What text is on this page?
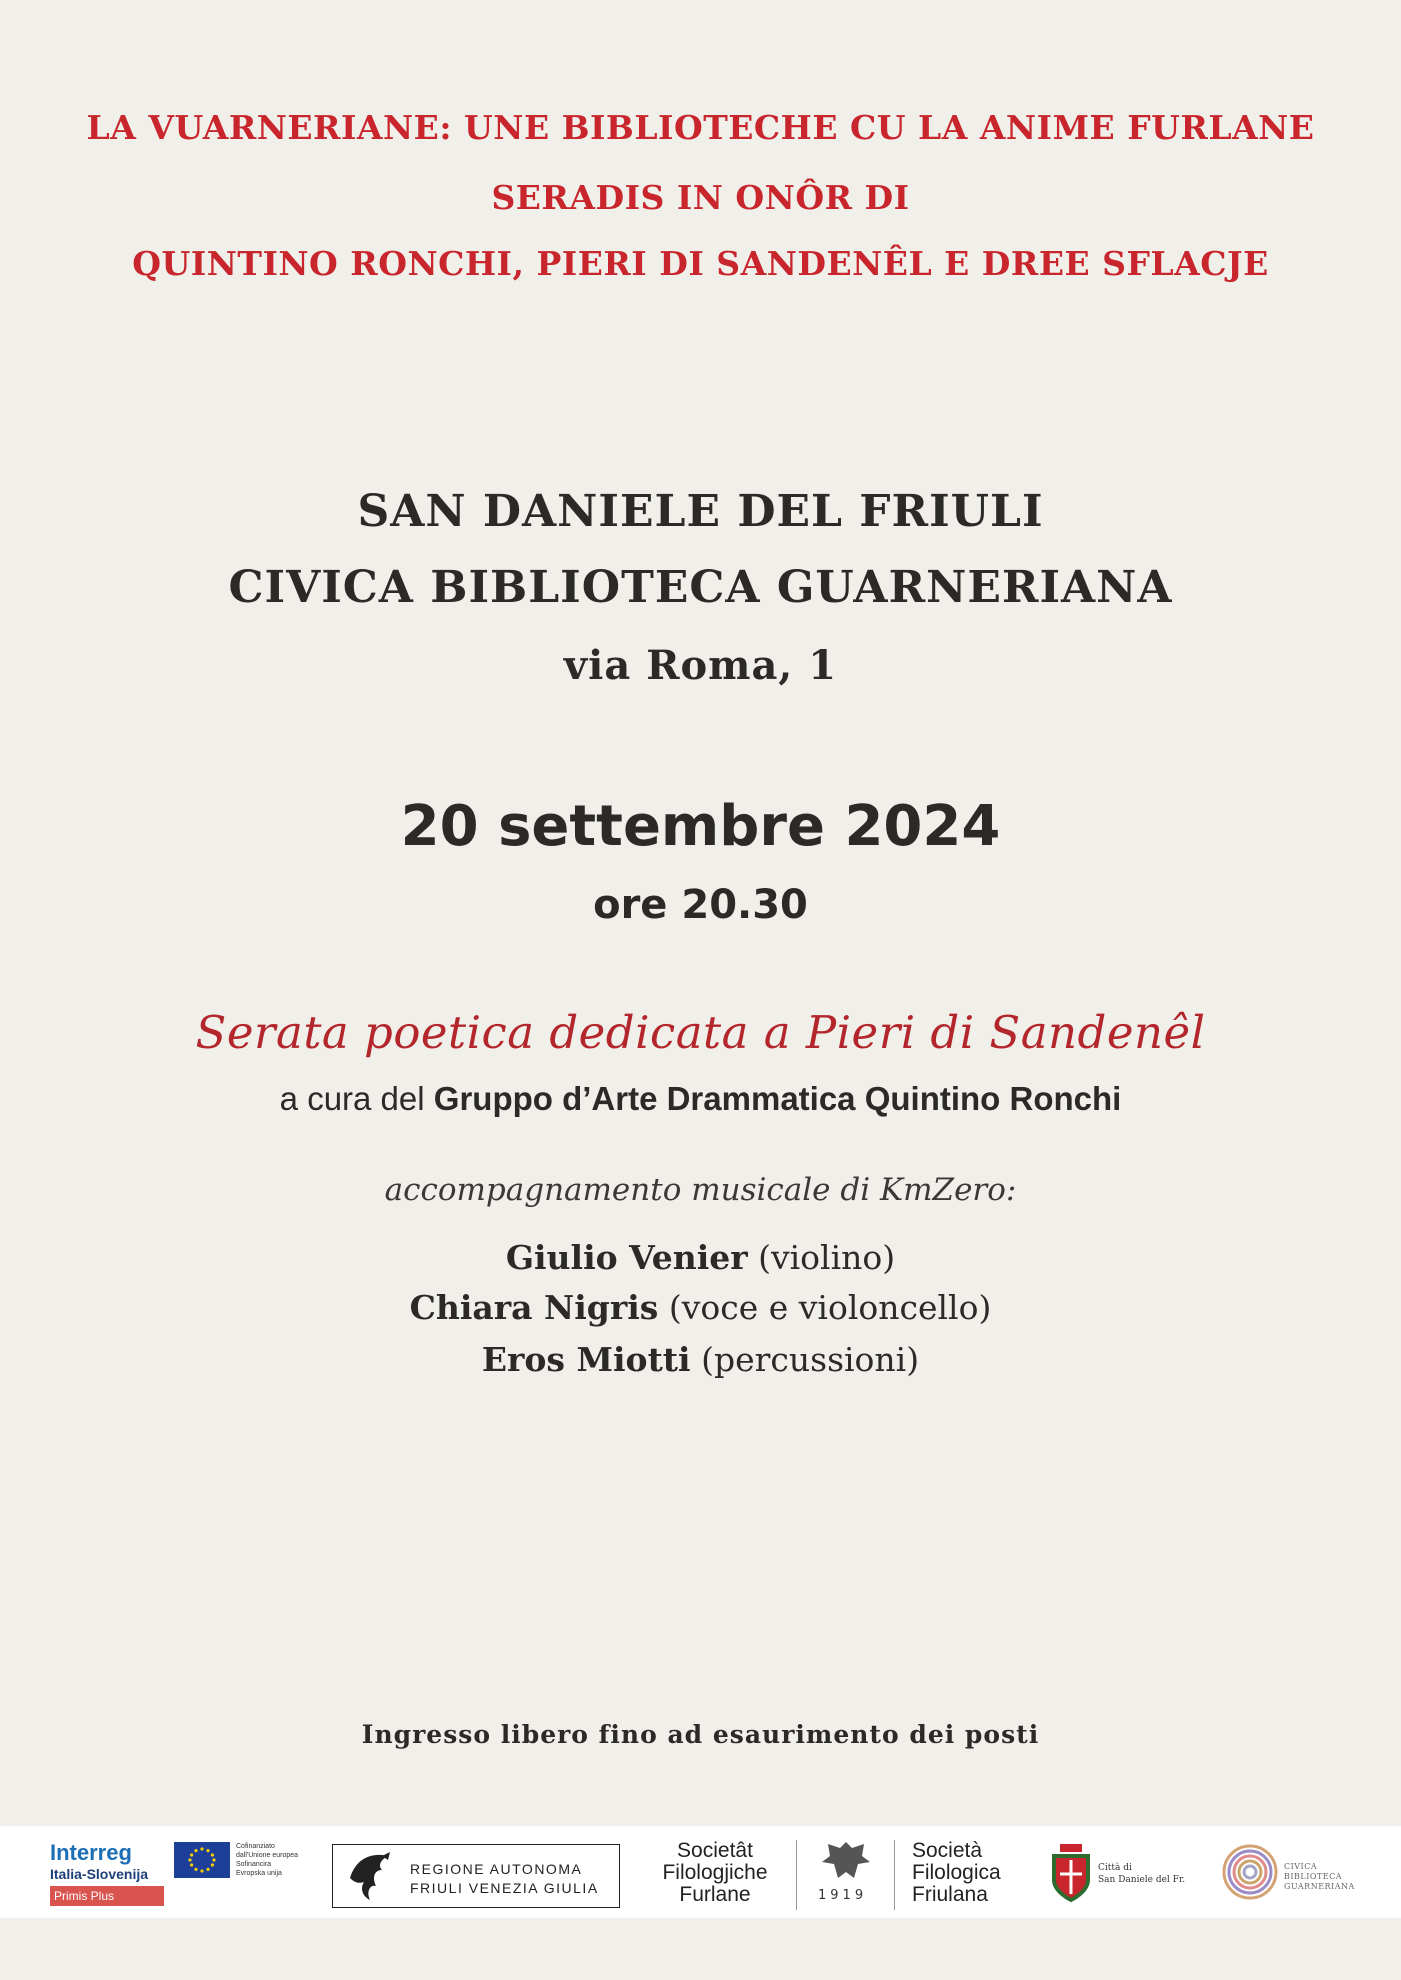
LA VUARNERIANE: UNE BIBLIOTECHE CU LA ANIME FURLANE
SERADIS IN ONÔR DI
QUINTINO RONCHI, PIERI DI SANDENÊL E DREE SFLACJE
SAN DANIELE DEL FRIULI
CIVICA BIBLIOTECA GUARNERIANA
via Roma, 1
20 settembre 2024
ore 20.30
Serata poetica dedicata a Pieri di Sandenêl
a cura del Gruppo d’Arte Drammatica Quintino Ronchi
accompagnamento musicale di KmZero:
Giulio Venier (violino)
Chiara Nigris (voce e violoncello)
Eros Miotti (percussioni)
Ingresso libero fino ad esaurimento dei posti
Interreg
Italia-Slovenija
Primis Plus
Cofinanziato
dall'Unione europea
Sofinancira
Evropska unija	REGIONE AUTONOMA
FRIULI VENEZIA GIULIA
Societât
Filologjiche
Furlane	1919
Società
Filologica
Friulana
Città di
San Daniele del Fr.
CIVICA
BIBLIOTECA
GUARNERIANA
